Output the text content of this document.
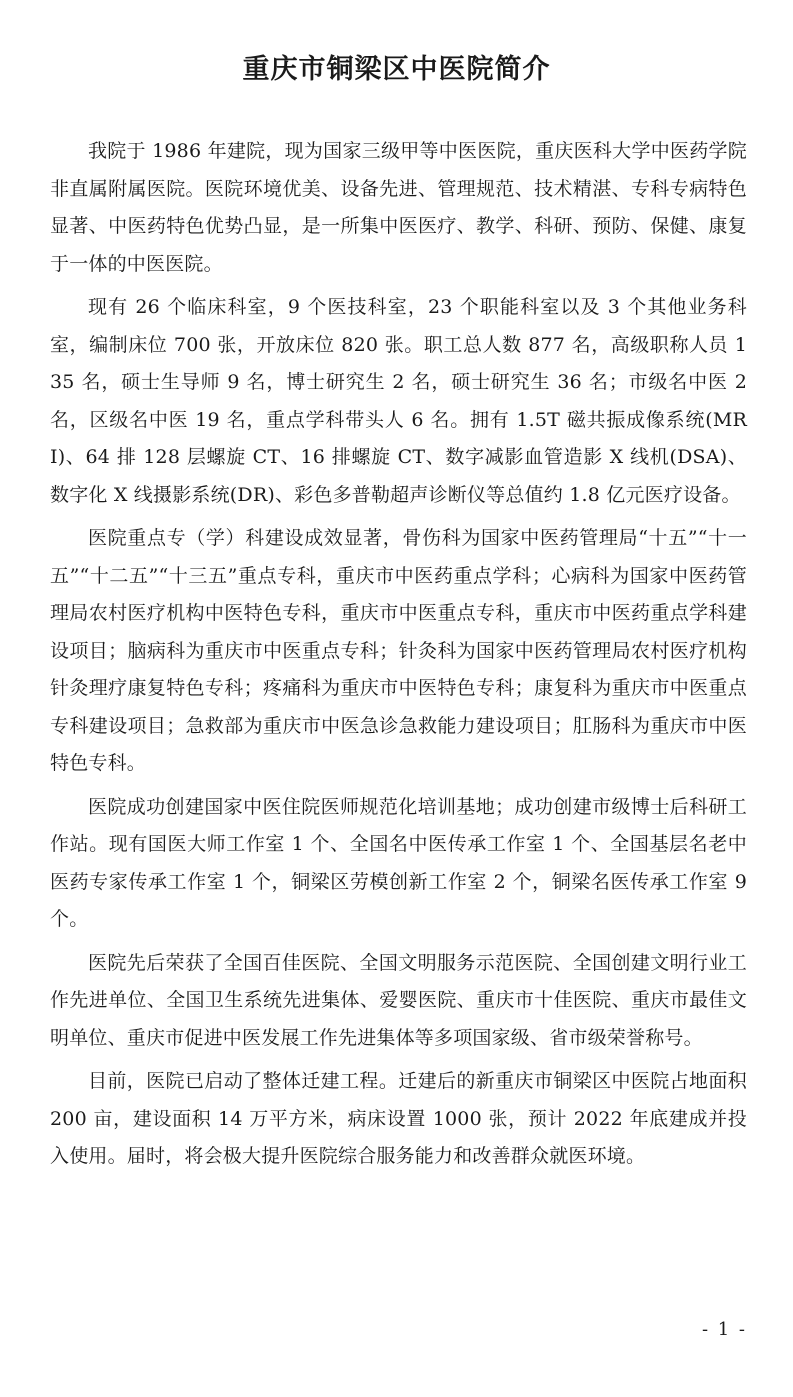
重庆市铜梁区中医院简介

我院于 1986 年建院，现为国家三级甲等中医医院，重庆医科大学中医药学院非直属附属医院。医院环境优美、设备先进、管理规范、技术精湛、专科专病特色显著、中医药特色优势凸显，是一所集中医医疗、教学、科研、预防、保健、康复于一体的中医医院。

现有 26 个临床科室，9 个医技科室，23 个职能科室以及 3 个其他业务科室，编制床位 700 张，开放床位 820 张。职工总人数 877 名，高级职称人员 135 名，硕士生导师 9 名，博士研究生 2 名，硕士研究生 36 名；市级名中医 2 名，区级名中医 19 名，重点学科带头人 6 名。拥有 1.5T 磁共振成像系统(MRI)、64 排 128 层螺旋 CT、16 排螺旋 CT、数字减影血管造影 X 线机(DSA)、数字化 X 线摄影系统(DR)、彩色多普勒超声诊断仪等总值约 1.8 亿元医疗设备。

医院重点专（学）科建设成效显著，骨伤科为国家中医药管理局“十五”“十一五”“十二五”“十三五”重点专科，重庆市中医药重点学科；心病科为国家中医药管理局农村医疗机构中医特色专科，重庆市中医重点专科，重庆市中医药重点学科建设项目；脑病科为重庆市中医重点专科；针灸科为国家中医药管理局农村医疗机构针灸理疗康复特色专科；疼痛科为重庆市中医特色专科；康复科为重庆市中医重点专科建设项目；急救部为重庆市中医急诊急救能力建设项目；肛肠科为重庆市中医特色专科。

医院成功创建国家中医住院医师规范化培训基地；成功创建市级博士后科研工作站。现有国医大师工作室 1 个、全国名中医传承工作室 1 个、全国基层名老中医药专家传承工作室 1 个，铜梁区劳模创新工作室 2 个，铜梁名医传承工作室 9 个。

医院先后荣获了全国百佳医院、全国文明服务示范医院、全国创建文明行业工作先进单位、全国卫生系统先进集体、爱婴医院、重庆市十佳医院、重庆市最佳文明单位、重庆市促进中医发展工作先进集体等多项国家级、省市级荣誉称号。

目前，医院已启动了整体迁建工程。迁建后的新重庆市铜梁区中医院占地面积 200 亩，建设面积 14 万平方米，病床设置 1000 张，预计 2022 年底建成并投入使用。届时，将会极大提升医院综合服务能力和改善群众就医环境。

- 1 -
